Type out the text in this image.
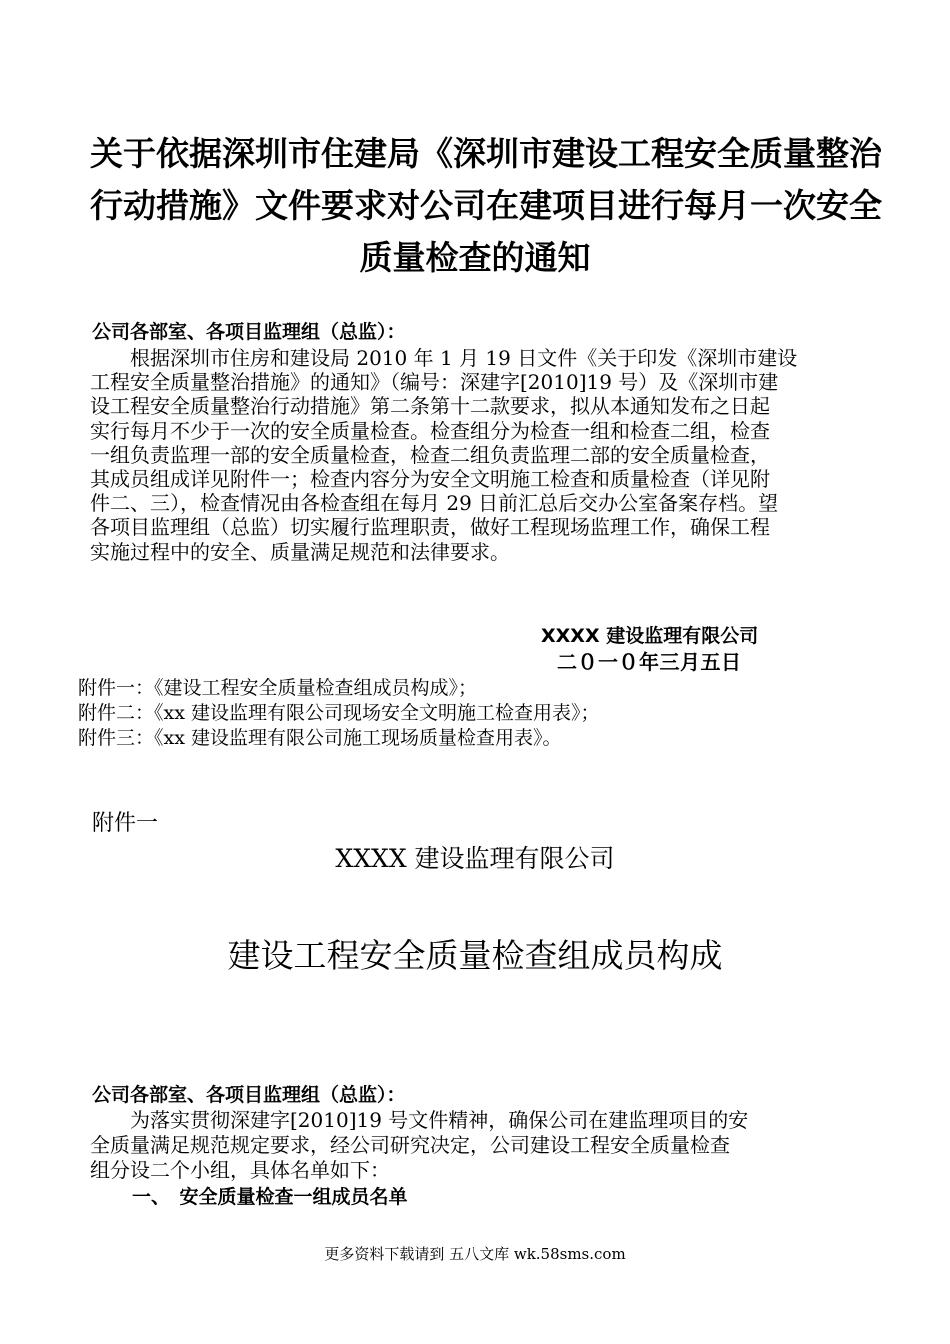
关于依据深圳市住建局《深圳市建设工程安全质量整治
行动措施》文件要求对公司在建项目进行每月一次安全
质量检查的通知
公司各部室、各项目监理组（总监）：
　　根据深圳市住房和建设局 2010 年 1 月 19 日文件《关于印发《深圳市建设
工程安全质量整治措施》的通知》（编号：深建字[2010]19 号）及《深圳市建
设工程安全质量整治行动措施》第二条第十二款要求，拟从本通知发布之日起
实行每月不少于一次的安全质量检查。检查组分为检查一组和检查二组，检查
一组负责监理一部的安全质量检查，检查二组负责监理二部的安全质量检查，
其成员组成详见附件一；检查内容分为安全文明施工检查和质量检查（详见附
件二、三），检查情况由各检查组在每月 29 日前汇总后交办公室备案存档。望
各项目监理组（总监）切实履行监理职责，做好工程现场监理工作，确保工程
实施过程中的安全、质量满足规范和法律要求。
XXXX 建设监理有限公司
二０一０年三月五日
附件一：《建设工程安全质量检查组成员构成》；
附件二：《xx 建设监理有限公司现场安全文明施工检查用表》；
附件三：《xx 建设监理有限公司施工现场质量检查用表》。
附件一
XXXX 建设监理有限公司
建设工程安全质量检查组成员构成
公司各部室、各项目监理组（总监）：
　　为落实贯彻深建字[2010]19 号文件精神，确保公司在建监理项目的安
全质量满足规范规定要求，经公司研究决定，公司建设工程安全质量检查
组分设二个小组，具体名单如下：
一、　安全质量检查一组成员名单
更多资料下载请到 五八文库 wk.58sms.com
